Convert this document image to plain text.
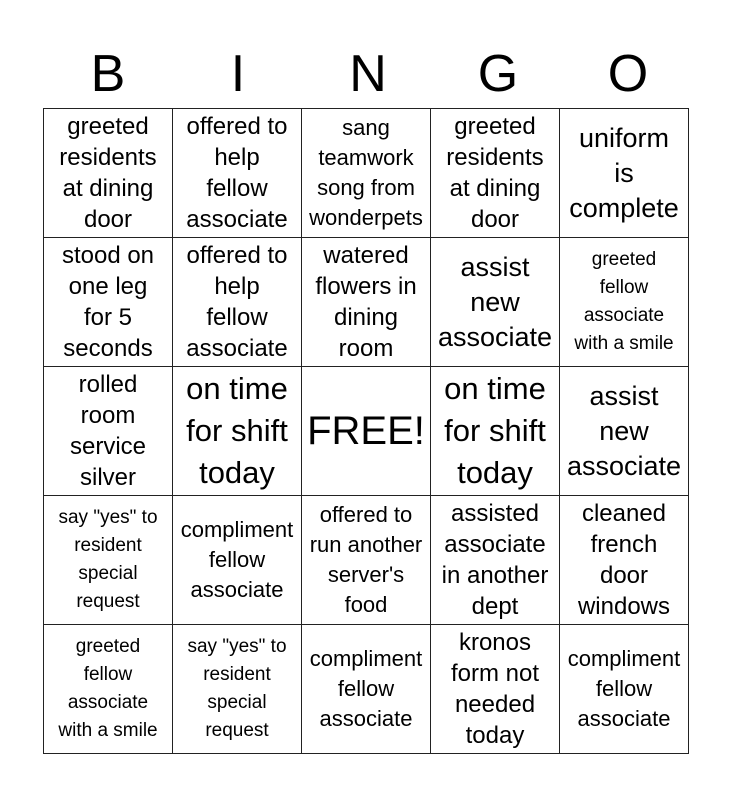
B	I	N	G	O
greeted
residents
at dining
door	offered to
help
fellow
associate	sang
teamwork
song from
wonderpets	greeted
residents
at dining
door	uniform
is
complete

stood on
one leg
for 5
seconds	offered to
help
fellow
associate	watered
flowers in
dining
room	assist
new
associate	greeted
fellow
associate
with a smile

rolled
room
service
silver	on time
for shift
today	FREE!	on time
for shift
today	assist
new
associate

say "yes" to
resident
special
request	compliment
fellow
associate	offered to
run another
server's
food	assisted
associate
in another
dept	cleaned
french
door
windows

greeted
fellow
associate
with a smile	say "yes" to
resident
special
request	compliment
fellow
associate	kronos
form not
needed
today	compliment
fellow
associate
